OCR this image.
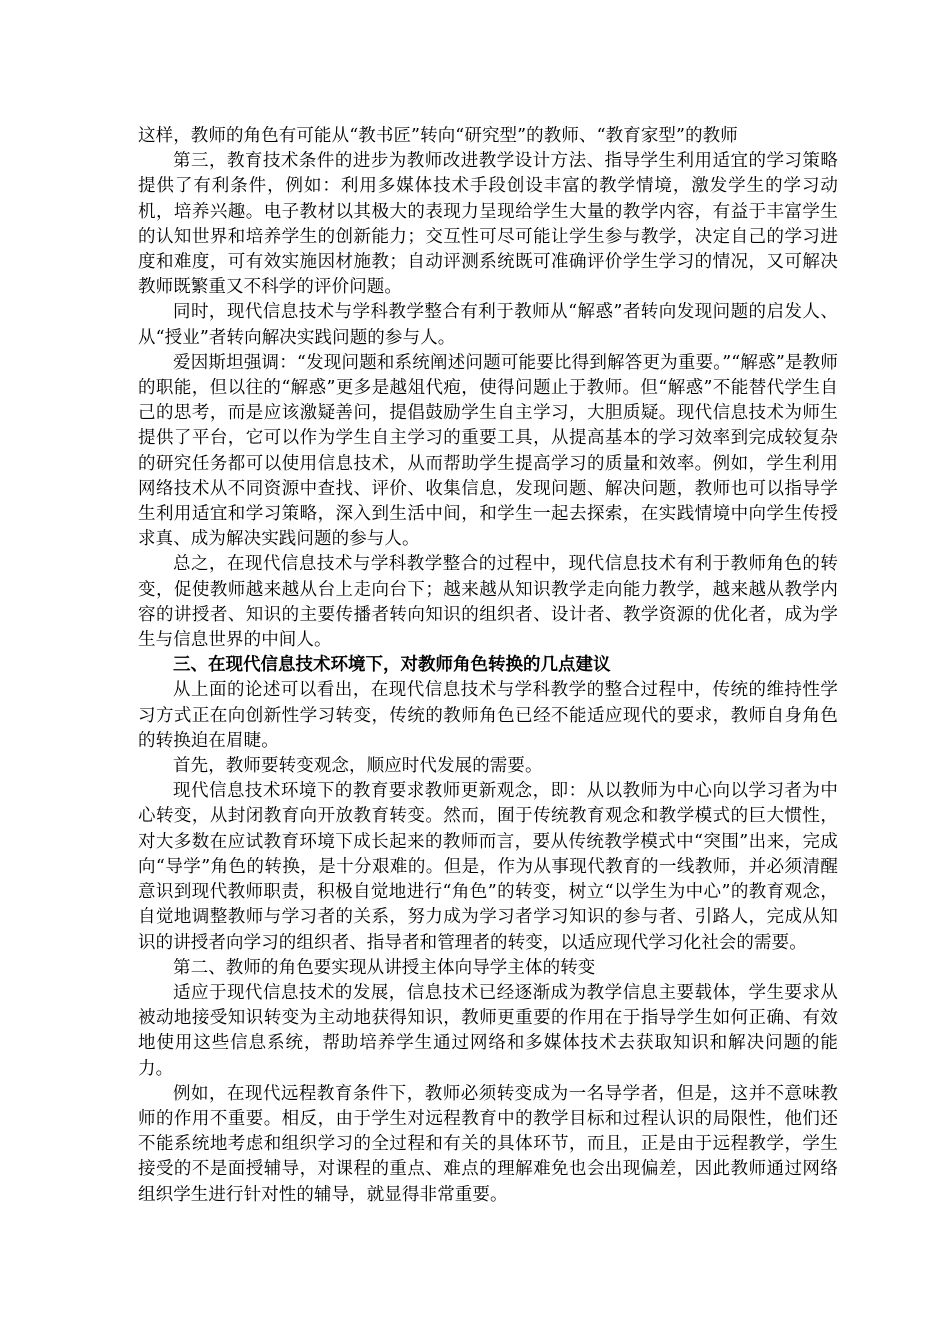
这样，教师的角色有可能从“教书匠”转向“研究型”的教师、“教育家型”的教师

第三，教育技术条件的进步为教师改进教学设计方法、指导学生利用适宜的学习策略提供了有利条件，例如：利用多媒体技术手段创设丰富的教学情境，激发学生的学习动机，培养兴趣。电子教材以其极大的表现力呈现给学生大量的教学内容，有益于丰富学生的认知世界和培养学生的创新能力；交互性可尽可能让学生参与教学，决定自己的学习进度和难度，可有效实施因材施教；自动评测系统既可准确评价学生学习的情况，又可解决教师既繁重又不科学的评价问题。

同时，现代信息技术与学科教学整合有利于教师从“解惑”者转向发现问题的启发人、从“授业”者转向解决实践问题的参与人。

爱因斯坦强调：“发现问题和系统阐述问题可能要比得到解答更为重要。”“解惑”是教师的职能，但以往的“解惑”更多是越俎代疱，使得问题止于教师。但“解惑”不能替代学生自己的思考，而是应该激疑善问，提倡鼓励学生自主学习，大胆质疑。现代信息技术为师生提供了平台，它可以作为学生自主学习的重要工具，从提高基本的学习效率到完成较复杂的研究任务都可以使用信息技术，从而帮助学生提高学习的质量和效率。例如，学生利用网络技术从不同资源中查找、评价、收集信息，发现问题、解决问题，教师也可以指导学生利用适宜和学习策略，深入到生活中间，和学生一起去探索，在实践情境中向学生传授求真、成为解决实践问题的参与人。

总之，在现代信息技术与学科教学整合的过程中，现代信息技术有利于教师角色的转变，促使教师越来越从台上走向台下；越来越从知识教学走向能力教学，越来越从教学内容的讲授者、知识的主要传播者转向知识的组织者、设计者、教学资源的优化者，成为学生与信息世界的中间人。

三、在现代信息技术环境下，对教师角色转换的几点建议

从上面的论述可以看出，在现代信息技术与学科教学的整合过程中，传统的维持性学习方式正在向创新性学习转变，传统的教师角色已经不能适应现代的要求，教师自身角色的转换迫在眉睫。

首先，教师要转变观念，顺应时代发展的需要。

现代信息技术环境下的教育要求教师更新观念，即：从以教师为中心向以学习者为中心转变，从封闭教育向开放教育转变。然而，囿于传统教育观念和教学模式的巨大惯性，对大多数在应试教育环境下成长起来的教师而言，要从传统教学模式中“突围”出来，完成向“导学”角色的转换，是十分艰难的。但是，作为从事现代教育的一线教师，并必须清醒意识到现代教师职责，积极自觉地进行“角色”的转变，树立“以学生为中心”的教育观念，自觉地调整教师与学习者的关系，努力成为学习者学习知识的参与者、引路人，完成从知识的讲授者向学习的组织者、指导者和管理者的转变，以适应现代学习化社会的需要。

第二、教师的角色要实现从讲授主体向导学主体的转变

适应于现代信息技术的发展，信息技术已经逐渐成为教学信息主要载体，学生要求从被动地接受知识转变为主动地获得知识，教师更重要的作用在于指导学生如何正确、有效地使用这些信息系统，帮助培养学生通过网络和多媒体技术去获取知识和解决问题的能力。

例如，在现代远程教育条件下，教师必须转变成为一名导学者，但是，这并不意味教师的作用不重要。相反，由于学生对远程教育中的教学目标和过程认识的局限性，他们还不能系统地考虑和组织学习的全过程和有关的具体环节，而且，正是由于远程教学，学生接受的不是面授辅导，对课程的重点、难点的理解难免也会出现偏差，因此教师通过网络组织学生进行针对性的辅导，就显得非常重要。
